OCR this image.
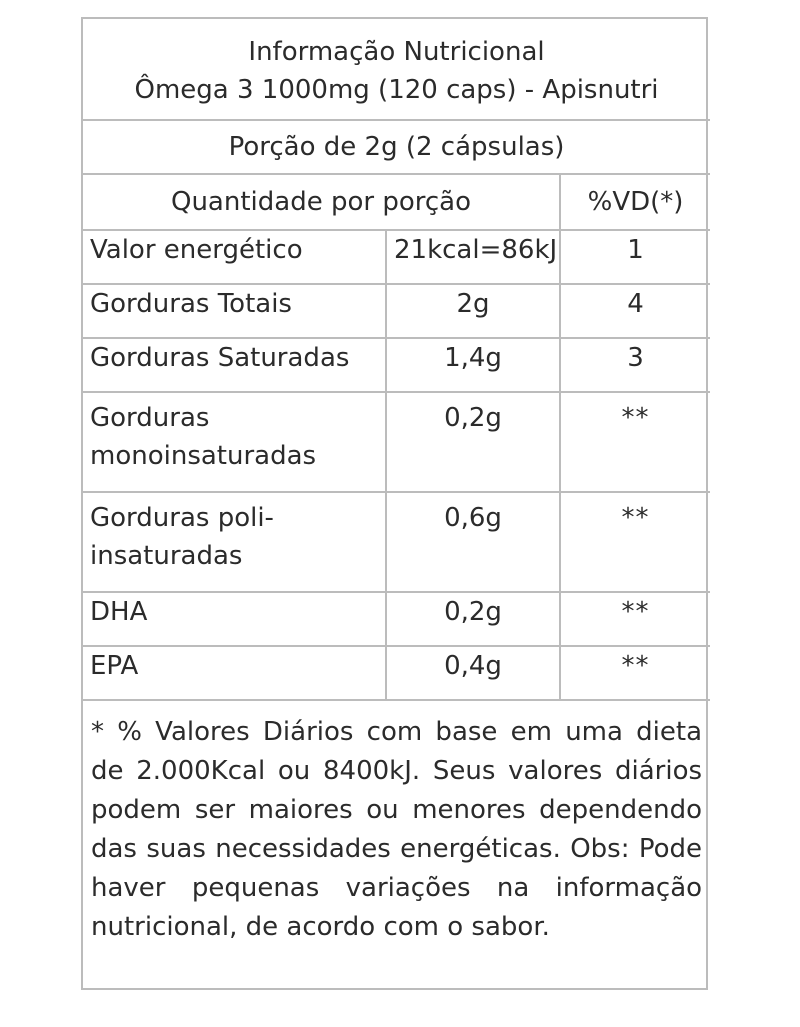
Informação Nutricional
Ômega 3 1000mg (120 caps) - Apisnutri		

Porção de 2g (2 cápsulas)		
Quantidade por porção		%VD(*)
Valor energético	21kcal=86kJ	1
Gorduras Totais	2g	4
Gorduras Saturadas	1,4g	3
Gorduras monoinsaturadas	0,2g	**
Gorduras poli-insaturadas	0,6g	**
DHA	0,2g	**
EPA	0,4g	**
* % Valores Diários com base em uma dieta de 2.000Kcal ou 8400kJ. Seus valores diários podem ser maiores ou menores dependendo das suas necessidades energéticas. Obs: Pode haver pequenas variações na informação nutricional, de acordo com o sabor.		
